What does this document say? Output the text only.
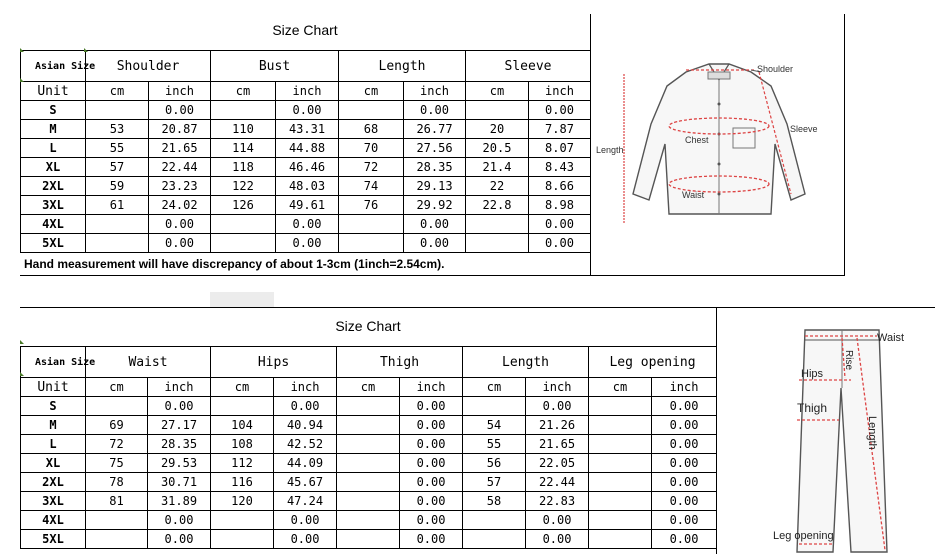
Size Chart
Asian Size	Shoulder		Bust		Length		Sleeve	
Unit	cm	inch	cm	inch	cm	inch	cm	inch
S		0.00		0.00		0.00		0.00
M	53	20.87	110	43.31	68	26.77	20	7.87
L	55	21.65	114	44.88	70	27.56	20.5	8.07
XL	57	22.44	118	46.46	72	28.35	21.4	8.43
2XL	59	23.23	122	48.03	74	29.13	22	8.66
3XL	61	24.02	126	49.61	76	29.92	22.8	8.98
4XL		0.00		0.00		0.00		0.00
5XL		0.00		0.00		0.00		0.00
Hand measurement will have discrepancy of about 1-3cm (1inch=2.54cm).
Shoulder
Sleeve
Chest
Length
Waist
Size Chart
Asian Size	Waist		Hips		Thigh		Length		Leg opening	
Unit	cm	inch	cm	inch	cm	inch	cm	inch	cm	inch
S		0.00		0.00		0.00		0.00		0.00
M	69	27.17	104	40.94		0.00	54	21.26		0.00
L	72	28.35	108	42.52		0.00	55	21.65		0.00
XL	75	29.53	112	44.09		0.00	56	22.05		0.00
2XL	78	30.71	116	45.67		0.00	57	22.44		0.00
3XL	81	31.89	120	47.24		0.00	58	22.83		0.00
4XL		0.00		0.00		0.00		0.00		0.00
5XL		0.00		0.00		0.00		0.00		0.00
Waist
Rise
Hips
Thigh
Length
Leg opening
